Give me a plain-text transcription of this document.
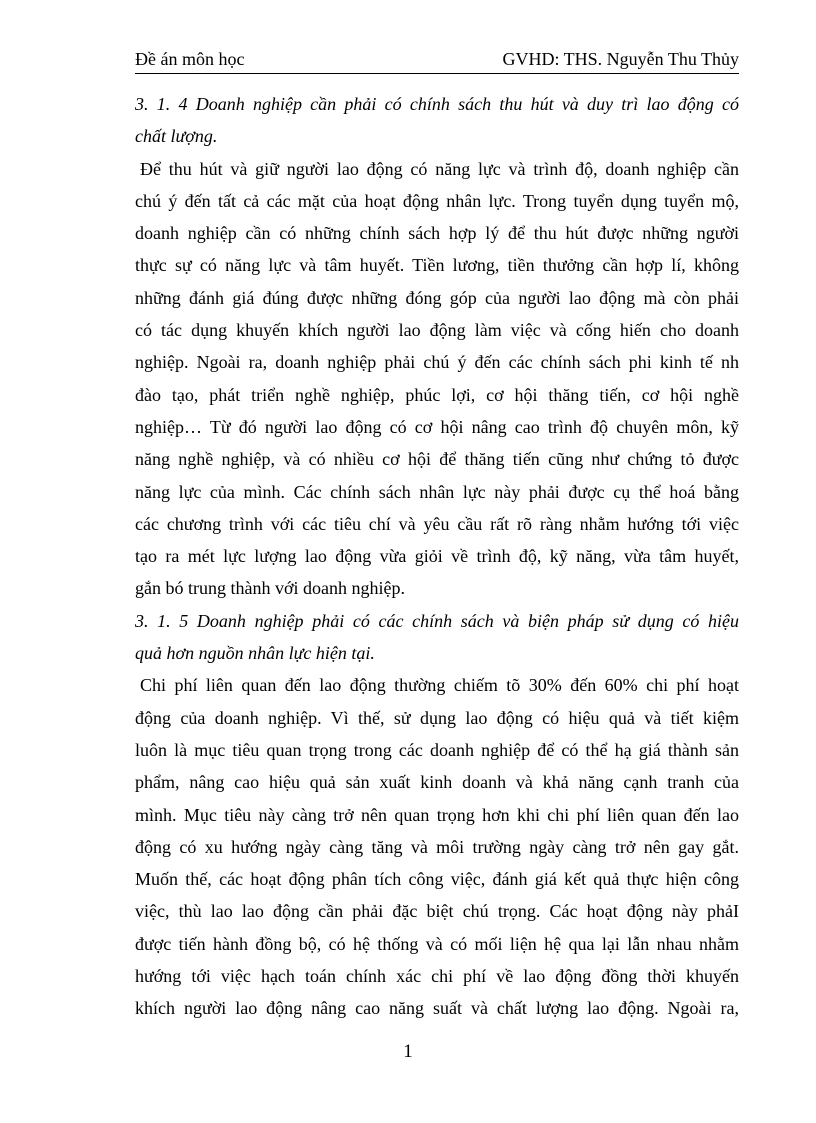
Đề án môn học	GVHD: THS. Nguyễn Thu Thủy
3. 1. 4 Doanh nghiệp cần phải có chính sách thu hút và duy trì lao động có
chất lượng.
Để thu hút và giữ người lao động có năng lực và trình độ, doanh nghiệp cần
chú ý đến tất cả các mặt của hoạt động nhân lực. Trong tuyển dụng tuyển mộ,
doanh nghiệp cần có những chính sách hợp lý để thu hút được những người
thực sự có năng lực và tâm huyết. Tiền lương, tiền thưởng cần hợp lí, không
những đánh giá đúng được những đóng góp của người lao động mà còn phải
có tác dụng khuyến khích người lao động làm việc và cống hiến cho doanh
nghiệp. Ngoài ra, doanh nghiệp phải chú ý đến các chính sách phi kinh tế nh
đào tạo, phát triển nghề nghiệp, phúc lợi, cơ hội thăng tiến, cơ hội nghề
nghiệp… Từ đó người lao động có cơ hội nâng cao trình độ chuyên môn, kỹ
năng nghề nghiệp, và có nhiều cơ hội để thăng tiến cũng như chứng tỏ được
năng lực của mình. Các chính sách nhân lực này phải được cụ thể hoá bằng
các chương trình với các tiêu chí và yêu cầu rất rõ ràng nhằm hướng tới việc
tạo ra mét lực lượng lao động vừa giỏi về trình độ, kỹ năng, vừa tâm huyết,
gắn bó trung thành với doanh nghiệp.
3. 1. 5 Doanh nghiệp phải có các chính sách và biện pháp sử dụng có hiệu
quả hơn nguồn nhân lực hiện tại.
Chi phí liên quan đến lao động thường chiếm tõ 30% đến 60% chi phí hoạt
động của doanh nghiệp. Vì thế, sử dụng lao động có hiệu quả và tiết kiệm
luôn là mục tiêu quan trọng trong các doanh nghiệp để có thể hạ giá thành sản
phẩm, nâng cao hiệu quả sản xuất kinh doanh và khả năng cạnh tranh của
mình. Mục tiêu này càng trở nên quan trọng hơn khi chi phí liên quan đến lao
động có xu hướng ngày càng tăng và môi trường ngày càng trở nên gay gắt.
Muốn thế, các hoạt động phân tích công việc, đánh giá kết quả thực hiện công
việc, thù lao lao động cần phải đặc biệt chú trọng. Các hoạt động này phảI
được tiến hành đồng bộ, có hệ thống và có mối liện hệ qua lại lẫn nhau nhằm
hướng tới việc hạch toán chính xác chi phí về lao động đồng thời khuyến
khích người lao động nâng cao năng suất và chất lượng lao động. Ngoài ra,
1
